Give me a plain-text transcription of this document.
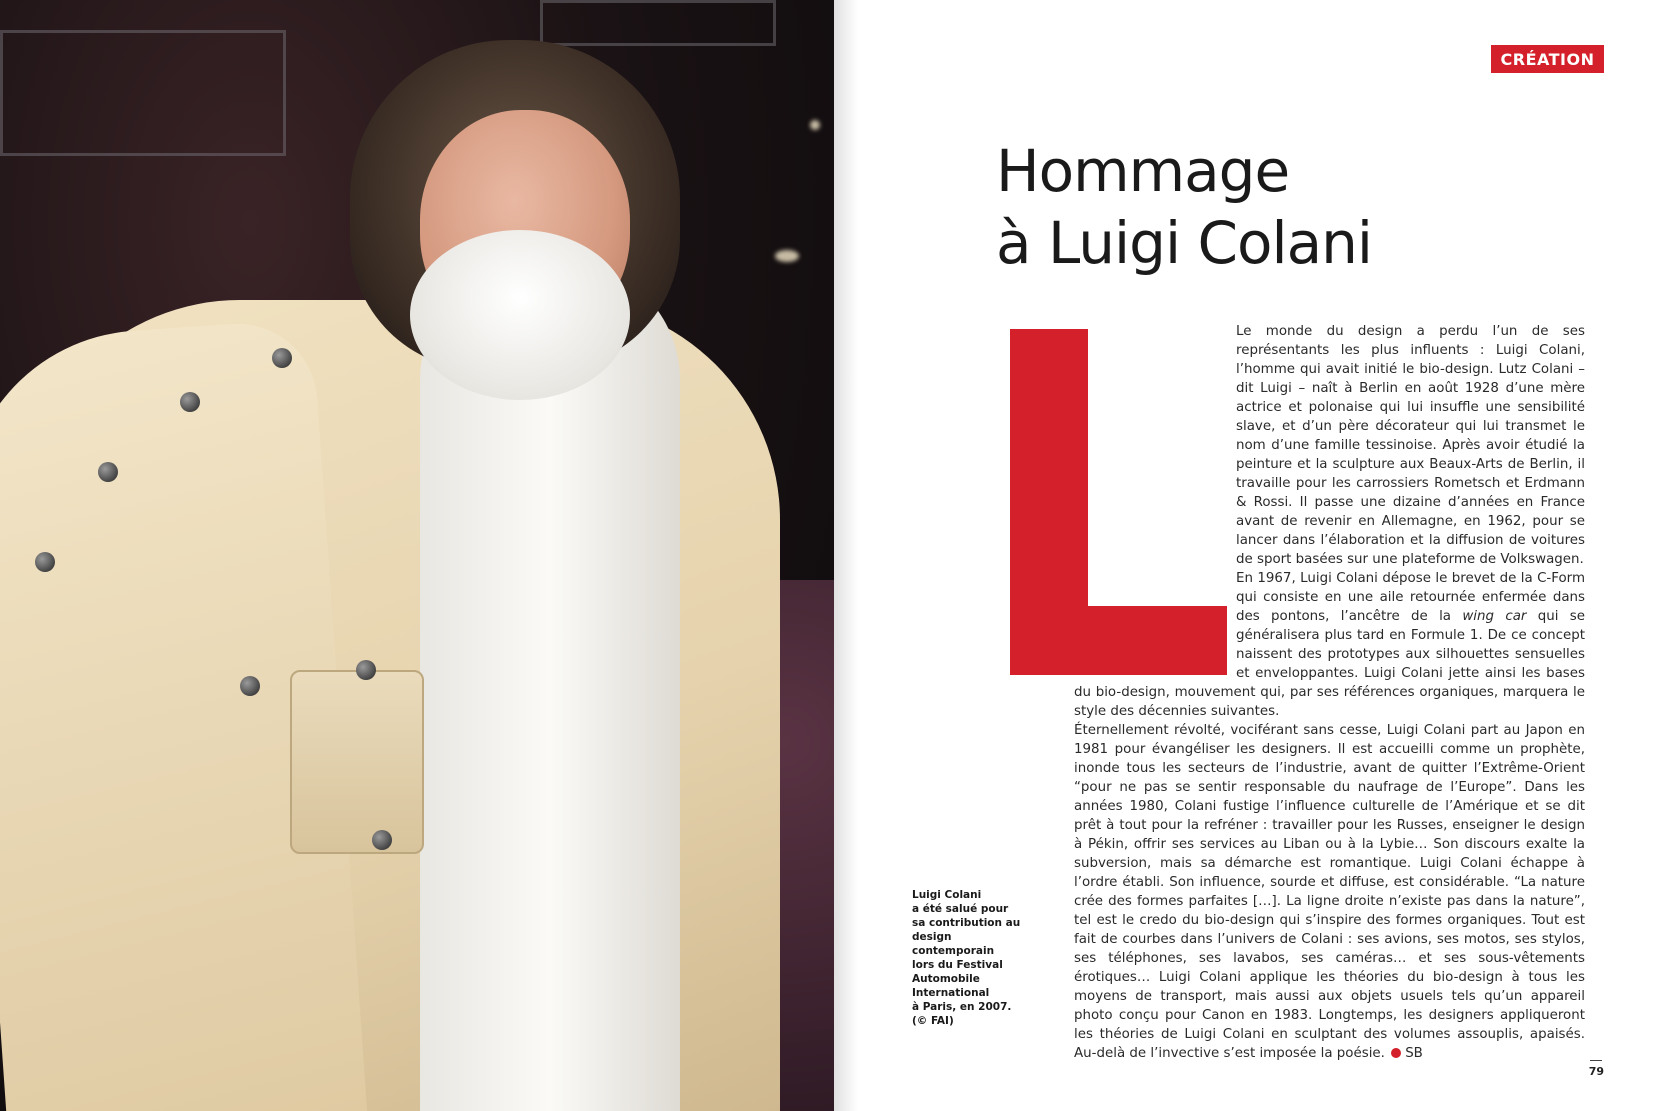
CRÉATION
Hommage
à Luigi Colani

Le monde du design a perdu l’un de ses représentants les plus influents : Luigi Colani, l’homme qui avait initié le bio-design. Lutz Colani – dit Luigi – naît à Berlin en août 1928 d’une mère actrice et polonaise qui lui insuffle une sensibilité slave, et d’un père décorateur qui lui transmet le nom d’une famille tessinoise. Après avoir étudié la peinture et la sculpture aux Beaux-Arts de Berlin, il travaille pour les carrossiers Rometsch et Erdmann & Rossi. Il passe une dizaine d’années en France avant de revenir en Allemagne, en 1962, pour se lancer dans l’élaboration et la diffusion de voitures de sport basées sur une plateforme de Volkswagen.

En 1967, Luigi Colani dépose le brevet de la C-Form qui consiste en une aile retournée enfermée dans des pontons, l’ancêtre de la wing car qui se généralisera plus tard en Formule 1. De ce concept naissent des prototypes aux silhouettes sensuelles et enveloppantes. Luigi Colani jette ainsi les bases du bio-design, mouvement qui, par ses références organiques, marquera le style des décennies suivantes.

Éternellement révolté, vociférant sans cesse, Luigi Colani part au Japon en 1981 pour évangéliser les designers. Il est accueilli comme un prophète, inonde tous les secteurs de l’industrie, avant de quitter l’Extrême-Orient “pour ne pas se sentir responsable du naufrage de l’Europe”. Dans les années 1980, Colani fustige l’influence culturelle de l’Amérique et se dit prêt à tout pour la refréner : travailler pour les Russes, enseigner le design à Pékin, offrir ses services au Liban ou à la Lybie… Son discours exalte la subversion, mais sa démarche est romantique. Luigi Colani échappe à l’ordre établi. Son influence, sourde et diffuse, est considérable. “La nature crée des formes parfaites […]. La ligne droite n’existe pas dans la nature”, tel est le credo du bio-design qui s’inspire des formes organiques. Tout est fait de courbes dans l’univers de Colani : ses avions, ses motos, ses stylos, ses téléphones, ses lavabos, ses caméras… et ses sous-vêtements érotiques… Luigi Colani applique les théories du bio-design à tous les moyens de transport, mais aussi aux objets usuels tels qu’un appareil photo conçu pour Canon en 1983. Longtemps, les designers appliqueront les théories de Luigi Colani en sculptant des volumes assouplis, apaisés. Au-delà de l’invective s’est imposée la poésie. SB

Luigi Colani
a été salué pour
sa contribution au
design contemporain
lors du Festival
Automobile
International
à Paris, en 2007.
(© FAI)
79
